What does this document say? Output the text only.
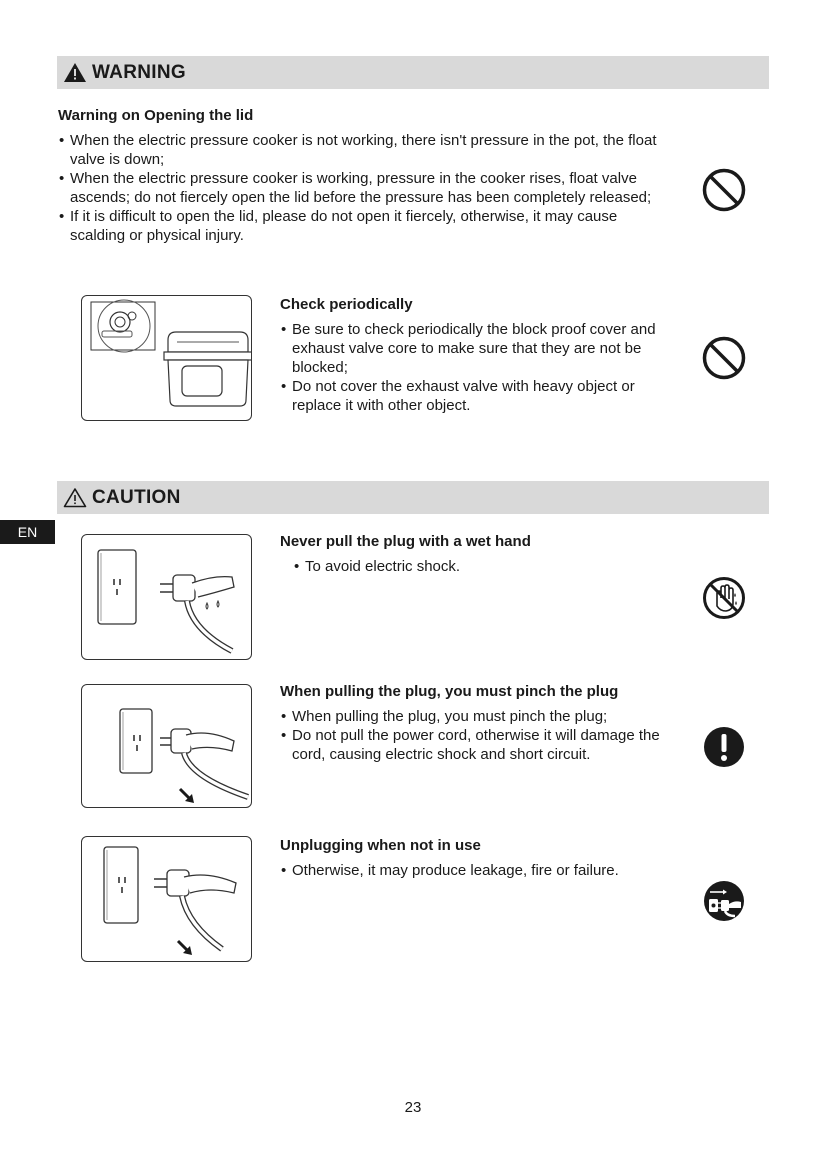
WARNING
Warning on Opening the lid
• When the electric pressure cooker is not working, there isn't pressure in the pot, the float valve is down;
• When the electric pressure cooker is working, pressure in the cooker rises, float valve ascends; do not fiercely open the lid before the pressure has been completely released;
• If it is difficult to open the lid, please do not open it fiercely, otherwise, it may cause scalding or physical injury.
Check periodically
• Be sure to check periodically the block proof cover and exhaust valve core to make sure that they are not be blocked;
• Do not cover the exhaust valve with heavy object or replace it with other object.
CAUTION
EN
Never pull the plug with a wet hand
• To avoid electric shock.
When pulling the plug, you must pinch the plug
• When pulling the plug, you must pinch the plug;
• Do not pull the power cord, otherwise it will damage the cord, causing electric shock and short circuit.
Unplugging when not in use
• Otherwise, it may produce leakage, fire or failure.
23
